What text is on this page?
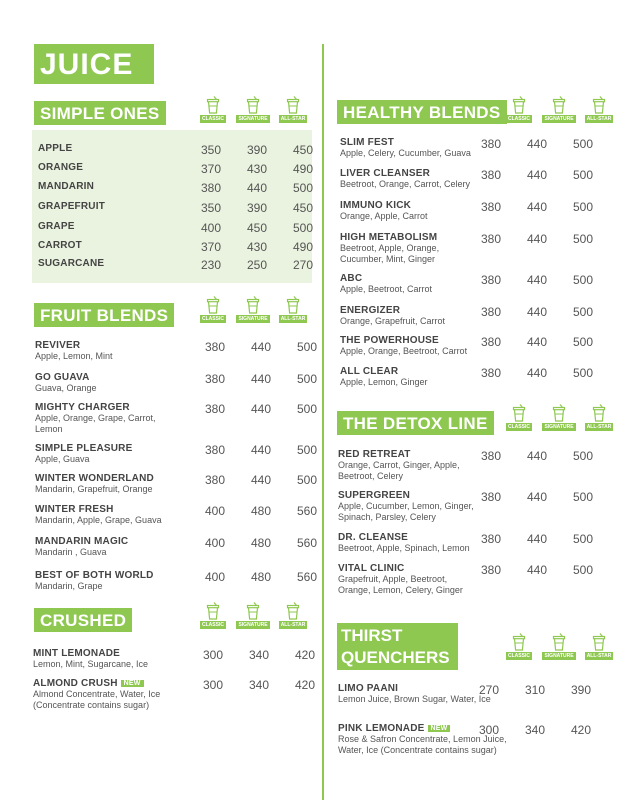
JUICE
SIMPLE ONES
FRUIT BLENDS
CRUSHED
HEALTHY BLENDS
THE DETOX LINE
THIRST
QUENCHERS
CLASSIC	SIGNATURE	ALL-STAR
CLASSIC	SIGNATURE	ALL-STAR
CLASSIC	SIGNATURE	ALL-STAR
CLASSIC	SIGNATURE	ALL-STAR
CLASSIC	SIGNATURE	ALL-STAR
CLASSIC	SIGNATURE	ALL-STAR
APPLE	350	390	450
ORANGE	370	430	490
MANDARIN	380	440	500
GRAPEFRUIT	350	390	450
GRAPE	400	450	500
CARROT	370	430	490
SUGARCANE	230	250	270
REVIVER
Apple, Lemon, Mint
380	440	500
GO GUAVA
Guava, Orange
380	440	500
MIGHTY CHARGER
Apple, Orange, Grape, Carrot, Lemon
380	440	500
SIMPLE PLEASURE
Apple, Guava
380	440	500
WINTER WONDERLAND
Mandarin, Grapefruit, Orange
380	440	500
WINTER FRESH
Mandarin, Apple, Grape, Guava
400	480	560
MANDARIN MAGIC
Mandarin , Guava
400	480	560
BEST OF BOTH WORLD
Mandarin, Grape
400	480	560
MINT LEMONADE
Lemon, Mint, Sugarcane, Ice
300	340	420
ALMOND CRUSH NEW
Almond Concentrate, Water, Ice (Concentrate contains sugar)
300	340	420
SLIM FEST
Apple, Celery, Cucumber, Guava
380	440	500
LIVER CLEANSER
Beetroot, Orange, Carrot, Celery
380	440	500
IMMUNO KICK
Orange, Apple, Carrot
380	440	500
HIGH METABOLISM
Beetroot, Apple, Orange, Cucumber, Mint, Ginger
380	440	500
ABC
Apple, Beetroot, Carrot
380	440	500
ENERGIZER
Orange, Grapefruit, Carrot
380	440	500
THE POWERHOUSE
Apple, Orange, Beetroot, Carrot
380	440	500
ALL CLEAR
Apple, Lemon, Ginger
380	440	500
RED RETREAT
Orange, Carrot, Ginger, Apple, Beetroot, Celery
380	440	500
SUPERGREEN
Apple, Cucumber, Lemon, Ginger, Spinach, Parsley, Celery
380	440	500
DR. CLEANSE
Beetroot, Apple, Spinach, Lemon
380	440	500
VITAL CLINIC
Grapefruit, Apple, Beetroot, Orange, Lemon, Celery, Ginger
380	440	500
LIMO PAANI
Lemon Juice, Brown Sugar, Water, Ice
270	310	390
PINK LEMONADE NEW
Rose & Safron Concentrate, Lemon Juice, Water, Ice (Concentrate contains sugar)
300	340	420
